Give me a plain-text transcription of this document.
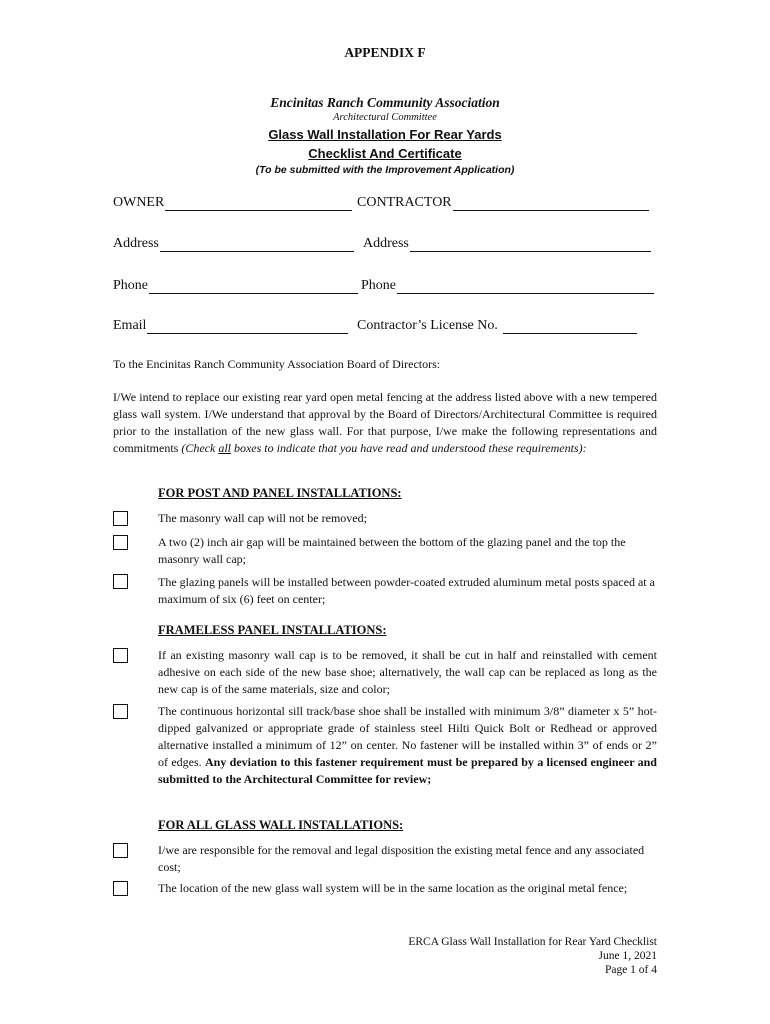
APPENDIX F
Encinitas Ranch Community Association
Architectural Committee
Glass Wall Installation For Rear Yards
Checklist And Certificate
(To be submitted with the Improvement Application)
OWNER	CONTRACTOR
Address	Address
Phone	Phone
Email	Contractor’s License No.
To the Encinitas Ranch Community Association Board of Directors:
I/We intend to replace our existing rear yard open metal fencing at the address listed above with a new tempered glass wall system. I/We understand that approval by the Board of Directors/Architectural Committee is required prior to the installation of the new glass wall. For that purpose, I/we make the following representations and commitments (Check all boxes to indicate that you have read and understood these requirements):
FOR POST AND PANEL INSTALLATIONS:
The masonry wall cap will not be removed;
A two (2) inch air gap will be maintained between the bottom of the glazing panel and the top the masonry wall cap;
The glazing panels will be installed between powder-coated extruded aluminum metal posts spaced at a maximum of six (6) feet on center;
FRAMELESS PANEL INSTALLATIONS:
If an existing masonry wall cap is to be removed, it shall be cut in half and reinstalled with cement adhesive on each side of the new base shoe; alternatively, the wall cap can be replaced as long as the new cap is of the same materials, size and color;
The continuous horizontal sill track/base shoe shall be installed with minimum 3/8” diameter x 5” hot-dipped galvanized or appropriate grade of stainless steel Hilti Quick Bolt or Redhead or approved alternative installed a minimum of 12” on center. No fastener will be installed within 3” of ends or 2” of edges. Any deviation to this fastener requirement must be prepared by a licensed engineer and submitted to the Architectural Committee for review;
FOR ALL GLASS WALL INSTALLATIONS:
I/we are responsible for the removal and legal disposition the existing metal fence and any associated cost;
The location of the new glass wall system will be in the same location as the original metal fence;
ERCA Glass Wall Installation for Rear Yard Checklist
June 1, 2021
Page 1 of 4
